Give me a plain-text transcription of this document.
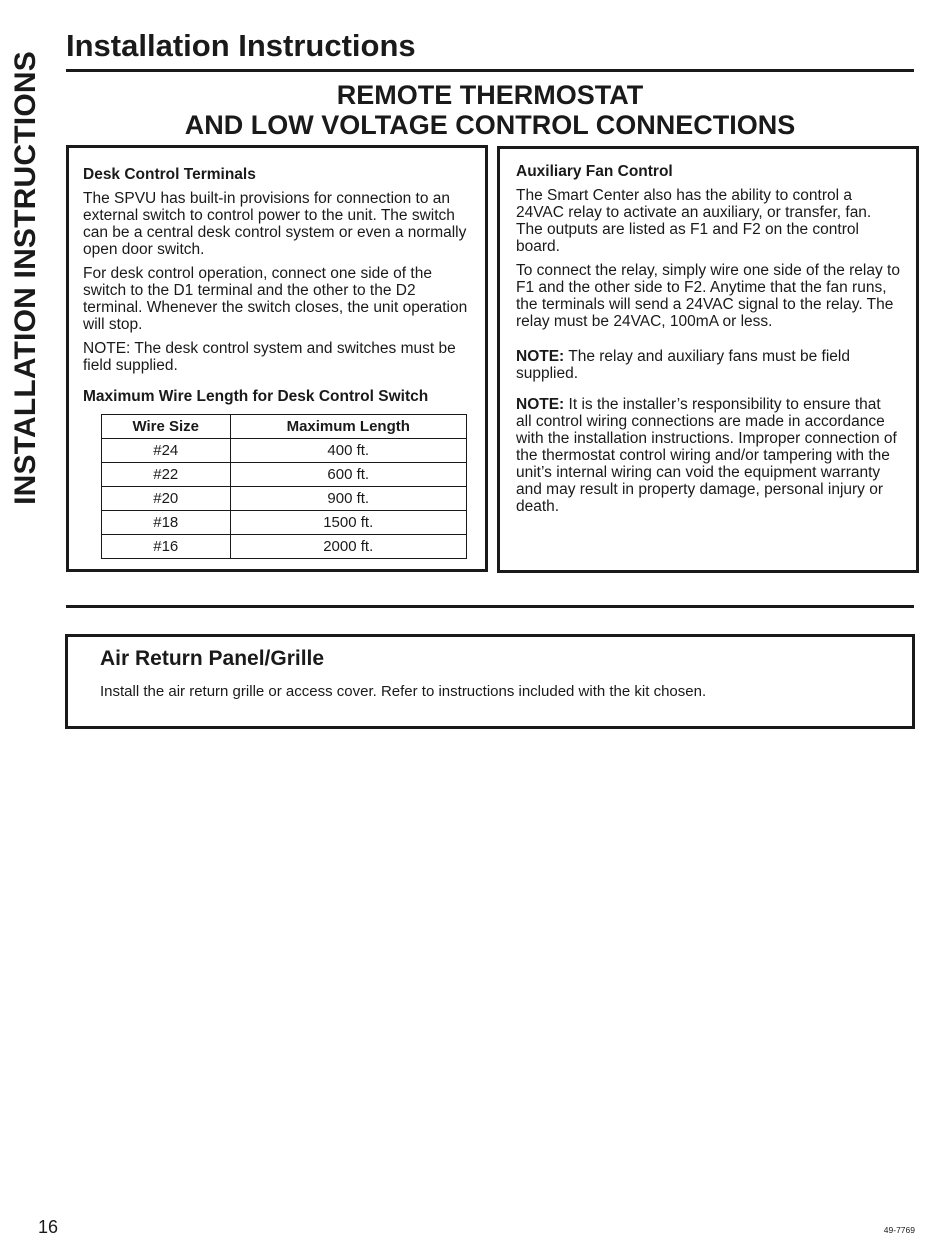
INSTALLATION INSTRUCTIONS
Installation Instructions
REMOTE THERMOSTAT
AND LOW VOLTAGE CONTROL CONNECTIONS
Desk Control Terminals

The SPVU has built-in provisions for connection to an external switch to control power to the unit. The switch can be a central desk control system or even a normally open door switch.

For desk control operation, connect one side of the switch to the D1 terminal and the other to the D2 terminal. Whenever the switch closes, the unit operation will stop.

NOTE: The desk control system and switches must be field supplied.

Maximum Wire Length for Desk Control Switch
Wire Size	Maximum Length
#24	400 ft.
#22	600 ft.
#20	900 ft.
#18	1500 ft.
#16	2000 ft.
Auxiliary Fan Control

The Smart Center also has the ability to control a 24VAC relay to activate an auxiliary, or transfer, fan. The outputs are listed as F1 and F2 on the control board.

To connect the relay, simply wire one side of the relay to F1 and the other side to F2. Anytime that the fan runs, the terminals will send a 24VAC signal to the relay. The relay must be 24VAC, 100mA or less.

NOTE: The relay and auxiliary fans must be field supplied.

NOTE: It is the installer’s responsibility to ensure that all control wiring connections are made in accordance with the installation instructions. Improper connection of the thermostat control wiring and/or tampering with the unit’s internal wiring can void the equipment warranty and may result in property damage, personal injury or death.

Air Return Panel/Grille

Install the air return grille or access cover. Refer to instructions included with the kit chosen.

16	49-7769
